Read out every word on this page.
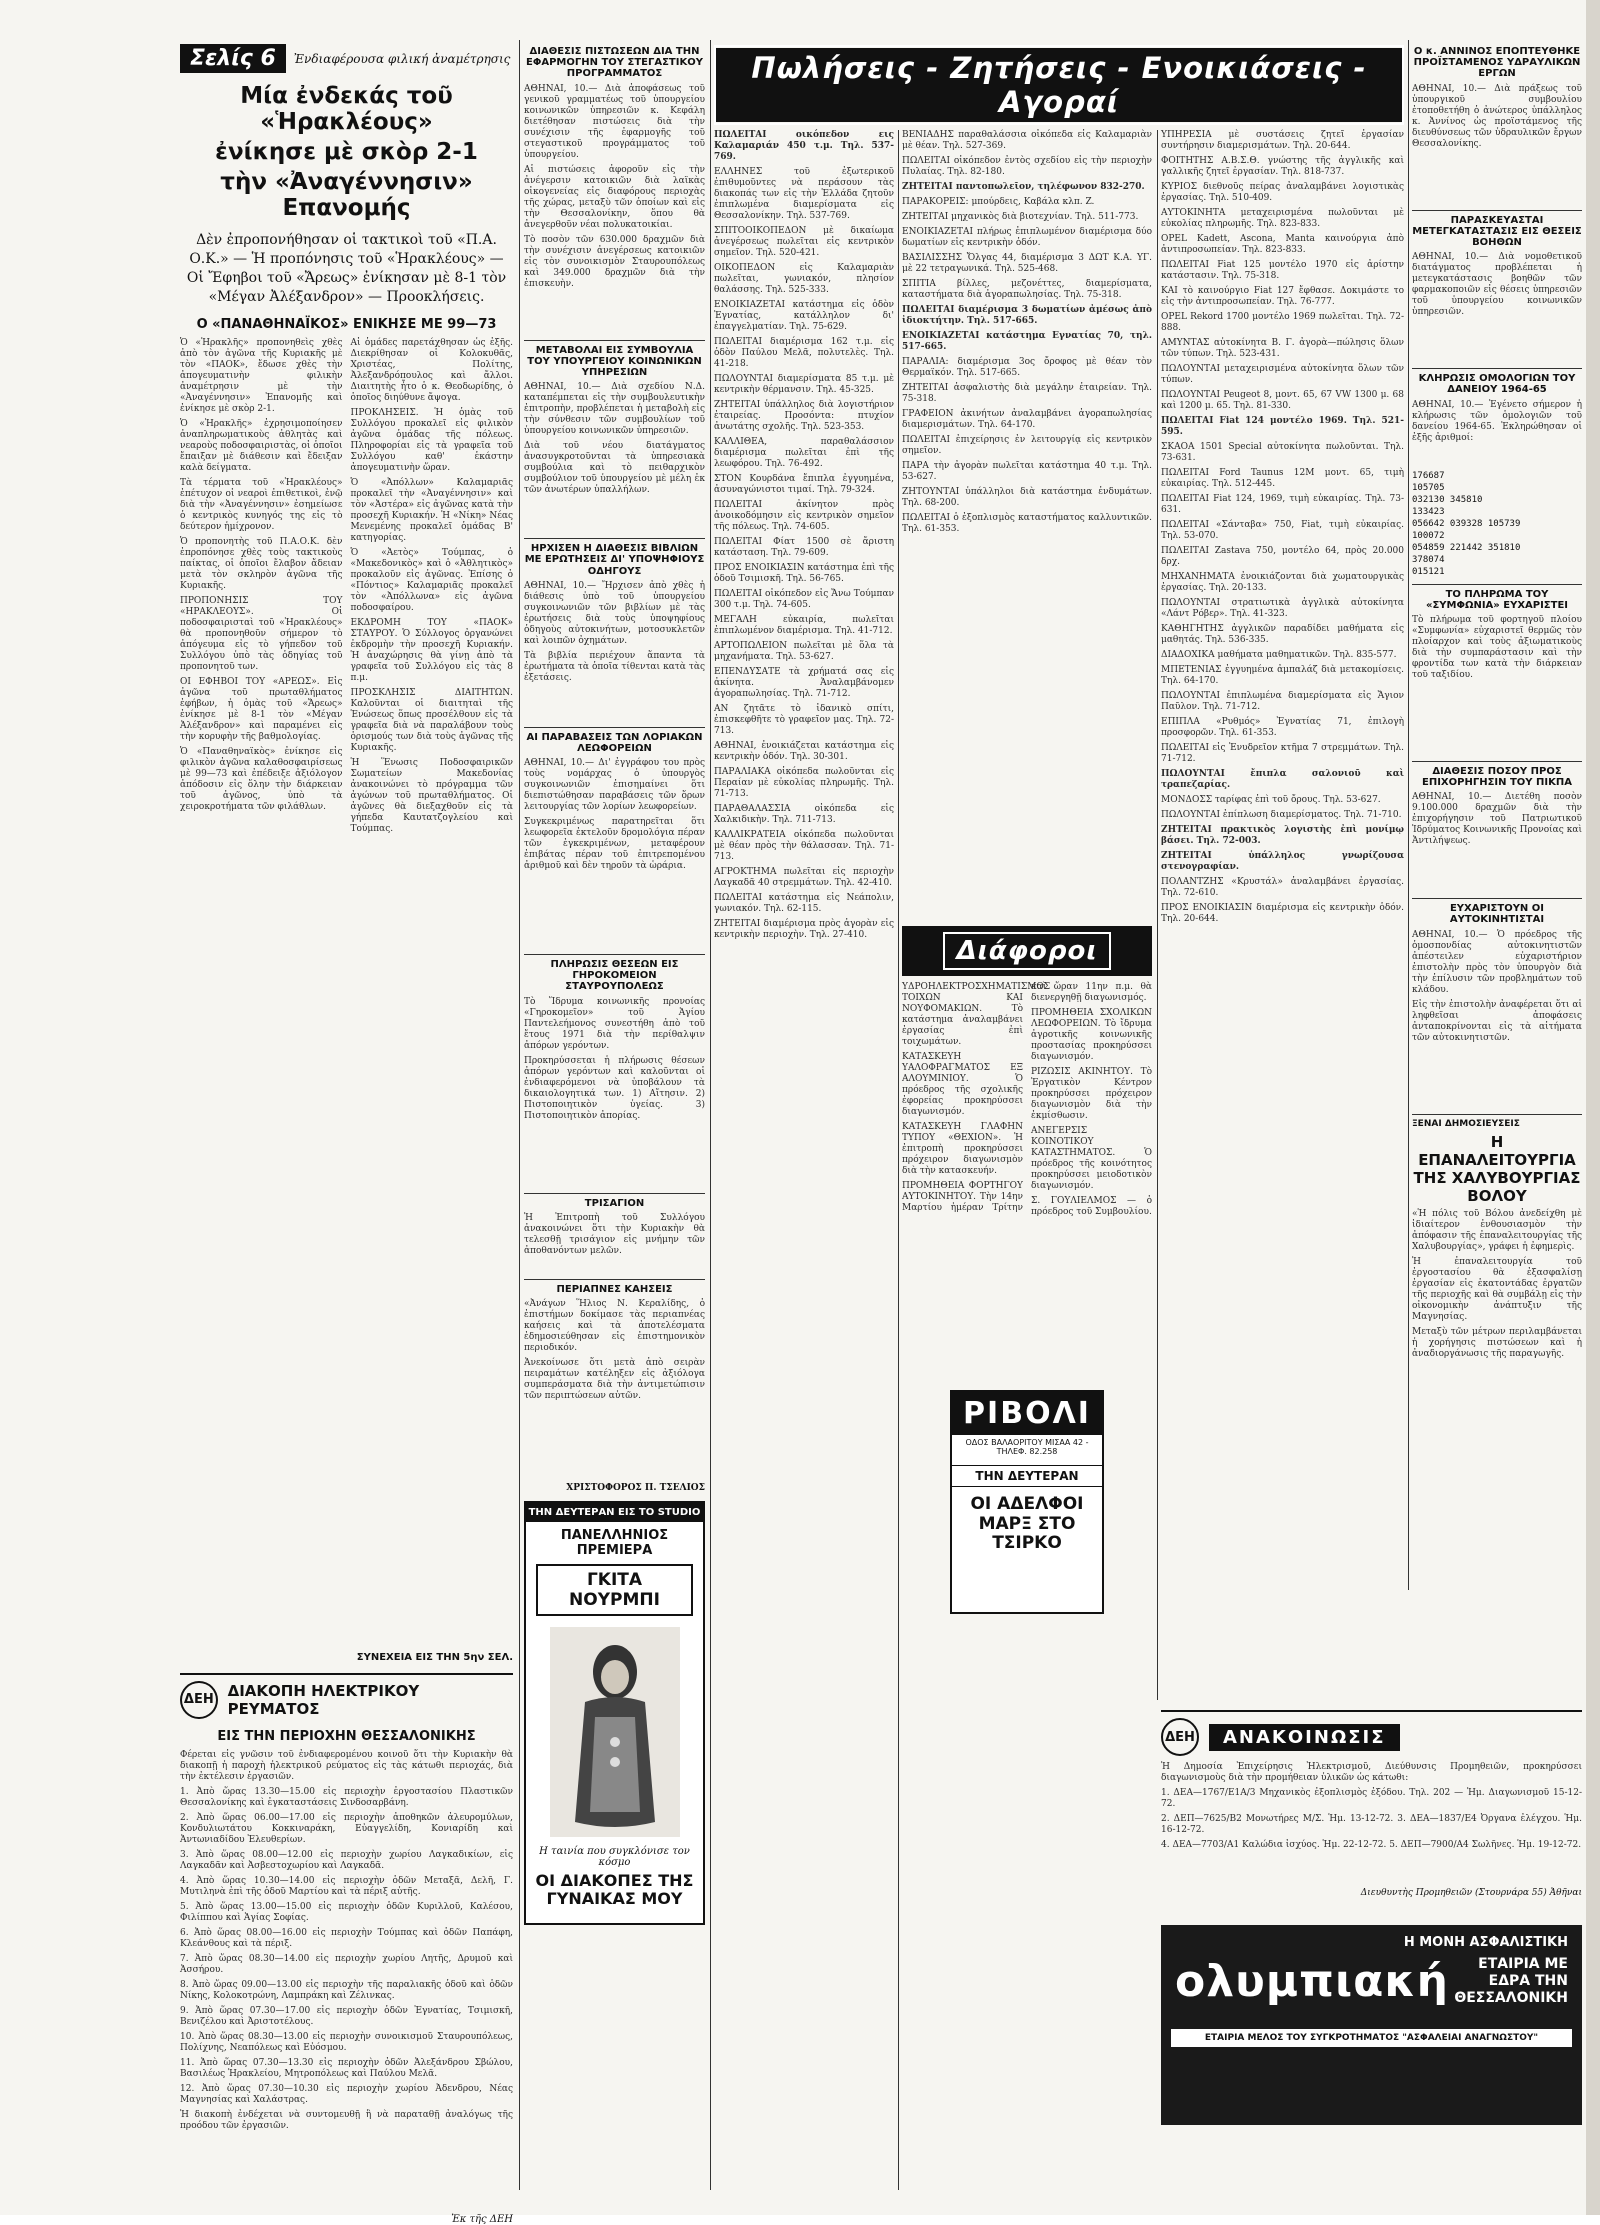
Σελίς 6	Ἐνδιαφέρουσα φιλική ἀναμέτρησις
Μία ἐνδεκάς τοῦ «Ἡρακλέους»
ἐνίκησε μὲ σκὸρ 2-1
τὴν «Ἀναγέννησιν» Επανομής
Δὲν ἐπροπονήθησαν οἱ τακτικοὶ τοῦ «Π.Α. Ο.Κ.» — Ἡ προπόνησις τοῦ «Ἡρακλέους» — Οἱ Ἔφηβοι τοῦ «Ἄρεως» ἐνίκησαν μὲ 8-1 τὸν «Μέγαν Ἀλέξανδρον» — Προοκλήσεις.
Ο «ΠΑΝΑΘΗΝΑΪΚΟΣ» ΕΝΙΚΗΣΕ ΜΕ 99—73

Ὁ «Ἡρακλῆς» προπονηθεὶς χθὲς ἀπὸ τὸν ἀγῶνα τῆς Κυριακῆς μὲ τὸν «ΠΑΟΚ», ἔδωσε χθὲς τὴν ἀπογευματινὴν φιλικὴν ἀναμέτρησιν μὲ τὴν «Ἀναγέννησιν» Ἐπανομῆς καὶ ἐνίκησε μὲ σκὸρ 2-1.

Ὁ «Ἡρακλῆς» ἐχρησιμοποίησεν ἀναπληρωματικοὺς ἀθλητὰς καὶ νεαροὺς ποδοσφαιριστὰς, οἱ ὁποῖοι ἔπαιξαν μὲ διάθεσιν καὶ ἔδειξαν καλὰ δείγματα.

Τὰ τέρματα τοῦ «Ἡρακλέους» ἐπέτυχον οἱ νεαροὶ ἐπιθετικοὶ, ἐνῷ διὰ τὴν «Ἀναγέννησιν» ἐσημείωσε ὁ κεντρικὸς κυνηγός της εἰς τὸ δεύτερον ἡμίχρονον.

Ὁ προπονητὴς τοῦ Π.Α.Ο.Κ. δὲν ἐπροπόνησε χθὲς τοὺς τακτικοὺς παίκτας, οἱ ὁποῖοι ἔλαβον ἄδειαν μετὰ τὸν σκληρὸν ἀγῶνα τῆς Κυριακῆς.

ΠΡΟΠΟΝΗΣΙΣ ΤΟΥ «ΗΡΑΚΛΕΟΥΣ». Οἱ ποδοσφαιρισταὶ τοῦ «Ἡρακλέους» θὰ προπονηθοῦν σήμερον τὸ ἀπόγευμα εἰς τὸ γήπεδον τοῦ Συλλόγου ὑπὸ τὰς ὁδηγίας τοῦ προπονητοῦ των.

ΟΙ ΕΦΗΒΟΙ ΤΟΥ «ΑΡΕΩΣ». Εἰς ἀγῶνα τοῦ πρωταθλήματος ἐφήβων, ἡ ὁμὰς τοῦ «Ἄρεως» ἐνίκησε μὲ 8-1 τὸν «Μέγαν Ἀλέξανδρον» καὶ παραμένει εἰς τὴν κορυφὴν τῆς βαθμολογίας.

Ὁ «Παναθηναϊκὸς» ἐνίκησε εἰς φιλικὸν ἀγῶνα καλαθοσφαιρίσεως μὲ 99—73 καὶ ἐπέδειξε ἀξιόλογον ἀπόδοσιν εἰς ὅλην τὴν διάρκειαν τοῦ ἀγῶνος, ὑπὸ τὰ χειροκροτήματα τῶν φιλάθλων.

Αἱ ὁμάδες παρετάχθησαν ὡς ἑξῆς. Διεκρίθησαν οἱ Κολοκυθᾶς, Χριστέας, Πολίτης, Ἀλεξανδρόπουλος καὶ ἄλλοι. Διαιτητὴς ἦτο ὁ κ. Θεοδωρίδης, ὁ ὁποῖος διηύθυνε ἄψογα.

ΠΡΟΚΛΗΣΕΙΣ. Ἡ ὁμὰς τοῦ Συλλόγου προκαλεῖ εἰς φιλικὸν ἀγῶνα ὁμάδας τῆς πόλεως. Πληροφορίαι εἰς τὰ γραφεῖα τοῦ Συλλόγου καθ' ἑκάστην ἀπογευματινὴν ὥραν.

Ὁ «Ἀπόλλων» Καλαμαριᾶς προκαλεῖ τὴν «Ἀναγέννησιν» καὶ τὸν «Ἀστέρα» εἰς ἀγῶνας κατὰ τὴν προσεχῆ Κυριακήν. Ἡ «Νίκη» Νέας Μενεμένης προκαλεῖ ὁμάδας Β' κατηγορίας.

Ὁ «Ἀετὸς» Τούμπας, ὁ «Μακεδονικὸς» καὶ ὁ «Ἀθλητικὸς» προκαλοῦν εἰς ἀγῶνας. Ἐπίσης ὁ «Πόντιος» Καλαμαριᾶς προκαλεῖ τὸν «Ἀπόλλωνα» εἰς ἀγῶνα ποδοσφαίρου.

ΕΚΔΡΟΜΗ ΤΟΥ «ΠΑΟΚ» ΣΤΑΥΡΟΥ. Ὁ Σύλλογος ὀργανώνει ἐκδρομὴν τὴν προσεχῆ Κυριακήν. Ἡ ἀναχώρησις θὰ γίνῃ ἀπὸ τὰ γραφεῖα τοῦ Συλλόγου εἰς τὰς 8 π.μ.

ΠΡΟΣΚΛΗΣΙΣ ΔΙΑΙΤΗΤΩΝ. Καλοῦνται οἱ διαιτηταὶ τῆς Ἑνώσεως ὅπως προσέλθουν εἰς τὰ γραφεῖα διὰ νὰ παραλάβουν τοὺς ὁρισμούς των διὰ τοὺς ἀγῶνας τῆς Κυριακῆς.

Ἡ Ἕνωσις Ποδοσφαιρικῶν Σωματείων Μακεδονίας ἀνακοινώνει τὸ πρόγραμμα τῶν ἀγώνων τοῦ πρωταθλήματος. Οἱ ἀγῶνες θὰ διεξαχθοῦν εἰς τὰ γήπεδα Καυτατζογλείου καὶ Τούμπας.

ΣΥΝΕΧΕΙΑ ΕΙΣ ΤΗΝ 5ην ΣΕΛ.
ΔΕΗ ΔΙΑΚΟΠΗ ΗΛΕΚΤΡΙΚΟΥ ΡΕΥΜΑΤΟΣ
ΕΙΣ ΤΗΝ ΠΕΡΙΟΧΗΝ ΘΕΣΣΑΛΟΝΙΚΗΣ

Φέρεται εἰς γνῶσιν τοῦ ἐνδιαφερομένου κοινοῦ ὅτι τὴν Κυριακὴν θὰ διακοπῇ ἡ παροχὴ ἠλεκτρικοῦ ρεύματος εἰς τὰς κάτωθι περιοχάς, διὰ τὴν ἐκτέλεσιν ἐργασιῶν.

1. Ἀπὸ ὥρας 13.30—15.00 εἰς περιοχὴν ἐργοστασίου Πλαστικῶν Θεσσαλονίκης καὶ ἐγκαταστάσεις Σινδοσαρβάνη.

2. Ἀπὸ ὥρας 06.00—17.00 εἰς περιοχὴν ἀποθηκῶν ἀλευρομύλων, Κονδυλιωτάτου Κοκκιναράκη, Εὐαγγελίδη, Κονιαρίδη καὶ Ἀντωνιαδίδου Ἐλευθερίων.

3. Ἀπὸ ὥρας 08.00—12.00 εἰς περιοχὴν χωρίου Λαγκαδικίων, εἰς Λαγκαδᾶν καὶ Ἀσβεστοχωρίου καὶ Λαγκαδᾶ.

4. Ἀπὸ ὥρας 10.30—14.00 εἰς περιοχὴν ὁδῶν Μεταξᾶ, Δελῆ, Γ. Μυτιληνὰ ἐπὶ τῆς ὁδοῦ Μαρτίου καὶ τὰ πέριξ αὐτῆς.

5. Ἀπὸ ὥρας 13.00—15.00 εἰς περιοχὴν ὁδῶν Κυριλλοῦ, Καλέσου, Φιλίππου καὶ Ἁγίας Σοφίας.

6. Ἀπὸ ὥρας 08.00—16.00 εἰς περιοχὴν Τούμπας καὶ ὁδῶν Παπάφη, Κλεάνθους καὶ τὰ πέριξ.

7. Ἀπὸ ὥρας 08.30—14.00 εἰς περιοχὴν χωρίου Λητῆς, Δρυμοῦ καὶ Ἀσσήρου.

8. Ἀπὸ ὥρας 09.00—13.00 εἰς περιοχὴν τῆς παραλιακῆς ὁδοῦ καὶ ὁδῶν Νίκης, Κολοκοτρώνη, Λαμπράκη καὶ Ζέλινκας.

9. Ἀπὸ ὥρας 07.30—17.00 εἰς περιοχὴν ὁδῶν Ἐγνατίας, Τσιμισκῆ, Βενιζέλου καὶ Ἀριστοτέλους.

10. Ἀπὸ ὥρας 08.30—13.00 εἰς περιοχὴν συνοικισμοῦ Σταυρουπόλεως, Πολίχνης, Νεαπόλεως καὶ Εὐόσμου.

11. Ἀπὸ ὥρας 07.30—13.30 εἰς περιοχὴν ὁδῶν Ἀλεξάνδρου Σβώλου, Βασιλέως Ἡρακλείου, Μητροπόλεως καὶ Παύλου Μελᾶ.

12. Ἀπὸ ὥρας 07.30—10.30 εἰς περιοχὴν χωρίου Ἀδενδρου, Νέας Μαγνησίας καὶ Χαλάστρας.

Ἡ διακοπὴ ἐνδέχεται νὰ συντομευθῇ ἢ νὰ παραταθῇ ἀναλόγως τῆς προόδου τῶν ἐργασιῶν.

Ἐκ τῆς ΔΕΗ
ΔΙΑΘΕΣΙΣ ΠΙΣΤΩΣΕΩΝ ΔΙΑ ΤΗΝ ΕΦΑΡΜΟΓΗΝ ΤΟΥ ΣΤΕΓΑΣΤΙΚΟΥ ΠΡΟΓΡΑΜΜΑΤΟΣ

ΑΘΗΝΑΙ, 10.— Διὰ ἀποφάσεως τοῦ γενικοῦ γραμματέως τοῦ ὑπουργείου κοινωνικῶν ὑπηρεσιῶν κ. Κεφάλη διετέθησαν πιστώσεις διὰ τὴν συνέχισιν τῆς ἐφαρμογῆς τοῦ στεγαστικοῦ προγράμματος τοῦ ὑπουργείου.

Αἱ πιστώσεις ἀφοροῦν εἰς τὴν ἀνέγερσιν κατοικιῶν διὰ λαϊκὰς οἰκογενείας εἰς διαφόρους περιοχὰς τῆς χώρας, μεταξὺ τῶν ὁποίων καὶ εἰς τὴν Θεσσαλονίκην, ὅπου θὰ ἀνεγερθοῦν νέαι πολυκατοικίαι.

Τὸ ποσὸν τῶν 630.000 δραχμῶν διὰ τὴν συνέχισιν ἀνεγέρσεως κατοικιῶν εἰς τὸν συνοικισμὸν Σταυρουπόλεως καὶ 349.000 δραχμῶν διὰ τὴν ἐπισκευὴν.

ΜΕΤΑΒΟΛΑΙ ΕΙΣ ΣΥΜΒΟΥΛΙΑ ΤΟΥ ΥΠΟΥΡΓΕΙΟΥ ΚΟΙΝΩΝΙΚΩΝ ΥΠΗΡΕΣΙΩΝ

ΑΘΗΝΑΙ, 10.— Διὰ σχεδίου Ν.Δ. καταπέμπεται εἰς τὴν συμβουλευτικὴν ἐπιτροπὴν, προβλέπεται ἡ μεταβολὴ εἰς τὴν σύνθεσιν τῶν συμβουλίων τοῦ ὑπουργείου κοινωνικῶν ὑπηρεσιῶν.

Διὰ τοῦ νέου διατάγματος ἀνασυγκροτοῦνται τὰ ὑπηρεσιακὰ συμβούλια καὶ τὸ πειθαρχικὸν συμβούλιον τοῦ ὑπουργείου μὲ μέλη ἐκ τῶν ἀνωτέρων ὑπαλλήλων.

ΗΡΧΙΣΕΝ Η ΔΙΑΘΕΣΙΣ ΒΙΒΛΙΩΝ ΜΕ ΕΡΩΤΗΣΕΙΣ ΔΙ' ΥΠΟΨΗΦΙΟΥΣ ΟΔΗΓΟΥΣ

ΑΘΗΝΑΙ, 10.— Ἤρχισεν ἀπὸ χθὲς ἡ διάθεσις ὑπὸ τοῦ ὑπουργείου συγκοινωνιῶν τῶν βιβλίων μὲ τὰς ἐρωτήσεις διὰ τοὺς ὑποψηφίους ὁδηγοὺς αὐτοκινήτων, μοτοσυκλετῶν καὶ λοιπῶν ὀχημάτων.

Τὰ βιβλία περιέχουν ἅπαντα τὰ ἐρωτήματα τὰ ὁποῖα τίθενται κατὰ τὰς ἐξετάσεις.

ΑΙ ΠΑΡΑΒΑΣΕΙΣ ΤΩΝ ΛΟΡΙΑΚΩΝ ΛΕΩΦΟΡΕΙΩΝ

ΑΘΗΝΑΙ, 10.— Δι' ἐγγράφου του πρὸς τοὺς νομάρχας ὁ ὑπουργὸς συγκοινωνιῶν ἐπισημαίνει ὅτι διεπιστώθησαν παραβάσεις τῶν ὅρων λειτουργίας τῶν λορίων λεωφορείων.

Συγκεκριμένως παρατηρεῖται ὅτι λεωφορεῖα ἐκτελοῦν δρομολόγια πέραν τῶν ἐγκεκριμένων, μεταφέρουν ἐπιβάτας πέραν τοῦ ἐπιτρεπομένου ἀριθμοῦ καὶ δὲν τηροῦν τὰ ὡράρια.

ΠΛΗΡΩΣΙΣ ΘΕΣΕΩΝ ΕΙΣ ΓΗΡΟΚΟΜΕΙΟΝ ΣΤΑΥΡΟΥΠΟΛΕΩΣ

Τὸ Ἵδρυμα κοινωνικῆς προνοίας «Γηροκομεῖον» τοῦ Ἁγίου Παντελεήμονος συνεστήθη ἀπὸ τοῦ ἔτους 1971 διὰ τὴν περίθαλψιν ἀπόρων γερόντων.

Προκηρύσσεται ἡ πλήρωσις θέσεων ἀπόρων γερόντων καὶ καλοῦνται οἱ ἐνδιαφερόμενοι νὰ ὑποβάλουν τὰ δικαιολογητικά των. 1) Αἴτησιν. 2) Πιστοποιητικὸν ὑγείας. 3) Πιστοποιητικὸν ἀπορίας.

ΤΡΙΣΑΓΙΟΝ

Ἡ Ἐπιτροπὴ τοῦ Συλλόγου ἀνακοινώνει ὅτι τὴν Κυριακὴν θὰ τελεσθῇ τρισάγιον εἰς μνήμην τῶν ἀποθανόντων μελῶν.

ΠΕΡΙΑΠΝΕΣ ΚΑΗΣΕΙΣ

«Ἀνάγων Ἥλιος Ν. Κεραλίδης, ὁ ἐπιστήμων δοκίμασε τὰς περιαπνέας καήσεις καὶ τὰ ἀποτελέσματα ἐδημοσιεύθησαν εἰς ἐπιστημονικὸν περιοδικόν.

Ἀνεκοίνωσε ὅτι μετὰ ἀπὸ σειρὰν πειραμάτων κατέληξεν εἰς ἀξιόλογα συμπεράσματα διὰ τὴν ἀντιμετώπισιν τῶν περιπτώσεων αὐτῶν.

ΧΡΙΣΤΟΦΟΡΟΣ Π. ΤΣΕΛΙΟΣ
ΤΗΝ ΔΕΥΤΕΡΑΝ ΕΙΣ ΤΟ STUDIO
ΠΑΝΕΛΛΗΝΙΟΣ ΠΡΕΜΙΕΡΑ
ΓΚΙΤΑ ΝΟΥΡΜΠΙ
Η ταινία που συγκλόνισε τον κόσμο
ΟΙ ΔΙΑΚΟΠΕΣ ΤΗΣ ΓΥΝΑΙΚΑΣ ΜΟΥ
Πωλήσεις - Ζητήσεις - Ενοικιάσεις - Αγοραί

ΠΩΛΕΙΤΑΙ οικόπεδον εις Καλαμαριάν 450 τ.μ. Τηλ. 537-769.

ΕΛΛΗΝΕΣ τοῦ ἐξωτερικοῦ ἐπιθυμοῦντες νὰ περάσουν τὰς διακοπάς των εἰς τὴν Ἑλλάδα ζητοῦν ἐπιπλωμένα διαμερίσματα εἰς Θεσσαλονίκην. Τηλ. 537-769.

ΣΠΙΤΟΟΙΚΟΠΕΔΟΝ μὲ δικαίωμα ἀνεγέρσεως πωλεῖται εἰς κεντρικὸν σημεῖον. Τηλ. 520-421.

ΟΙΚΟΠΕΔΟΝ εἰς Καλαμαριὰν πωλεῖται, γωνιακόν, πλησίον θαλάσσης. Τηλ. 525-333.

ΕΝΟΙΚΙΑΖΕΤΑΙ κατάστημα εἰς ὁδὸν Ἐγνατίας, κατάλληλον δι' ἐπαγγελματίαν. Τηλ. 75-629.

ΠΩΛΕΙΤΑΙ διαμέρισμα 162 τ.μ. εἰς ὁδὸν Παύλου Μελᾶ, πολυτελὲς. Τηλ. 41-218.

ΠΩΛΟΥΝΤΑΙ διαμερίσματα 85 τ.μ. μὲ κεντρικὴν θέρμανσιν. Τηλ. 45-325.

ΖΗΤΕΙΤΑΙ ὑπάλληλος διὰ λογιστήριον ἐταιρείας. Προσόντα: πτυχίον ἀνωτάτης σχολῆς. Τηλ. 523-353.

ΚΑΛΛΙΘΕΑ, παραθαλάσσιον διαμέρισμα πωλεῖται ἐπὶ τῆς λεωφόρου. Τηλ. 76-492.

ΣΤΟΝ Κουρδάνα ἔπιπλα ἐγγυημένα, ἀσυναγώνιστοι τιμαί. Τηλ. 79-324.

ΠΩΛΕΙΤΑΙ ἀκίνητον πρὸς ἀνοικοδόμησιν εἰς κεντρικὸν σημεῖον τῆς πόλεως. Τηλ. 74-605.

ΠΩΛΕΙΤΑΙ Φίατ 1500 σὲ ἄριστη κατάσταση. Τηλ. 79-609.

ΠΡΟΣ ΕΝΟΙΚΙΑΣΙΝ κατάστημα ἐπὶ τῆς ὁδοῦ Τσιμισκῆ. Τηλ. 56-765.

ΠΩΛΕΙΤΑΙ οἰκόπεδον εἰς Ἄνω Τούμπαν 300 τ.μ. Τηλ. 74-605.

ΜΕΓΑΛΗ εὐκαιρία, πωλεῖται ἐπιπλωμένον διαμέρισμα. Τηλ. 41-712.

ΑΡΤΟΠΩΛΕΙΟΝ πωλεῖται μὲ ὅλα τὰ μηχανήματα. Τηλ. 53-627.

ΕΠΕΝΔΥΣΑΤΕ τὰ χρήματά σας εἰς ἀκίνητα. Ἀναλαμβάνομεν ἀγοραπωλησίας. Τηλ. 71-712.

ΑΝ ζητᾶτε τὸ ἰδανικὸ σπίτι, ἐπισκεφθῆτε τὸ γραφεῖον μας. Τηλ. 72-713.

ΑΘΗΝΑΙ, ἐνοικιάζεται κατάστημα εἰς κεντρικὴν ὁδόν. Τηλ. 30-301.

ΠΑΡΑΛΙΑΚΑ οἰκόπεδα πωλοῦνται εἰς Περαίαν μὲ εὐκολίας πληρωμῆς. Τηλ. 71-713.

ΠΑΡΑΘΑΛΑΣΣΙΑ οἰκόπεδα εἰς Χαλκιδικὴν. Τηλ. 711-713.

ΚΑΛΛΙΚΡΑΤΕΙΑ οἰκόπεδα πωλοῦνται μὲ θέαν πρὸς τὴν θάλασσαν. Τηλ. 71-713.

ΑΓΡΟΚΤΗΜΑ πωλεῖται εἰς περιοχὴν Λαγκαδᾶ 40 στρεμμάτων. Τηλ. 42-410.

ΠΩΛΕΙΤΑΙ κατάστημα εἰς Νεάπολιν, γωνιακόν. Τηλ. 62-115.

ΖΗΤΕΙΤΑΙ διαμέρισμα πρὸς ἀγορὰν εἰς κεντρικὴν περιοχὴν. Τηλ. 27-410.

ΒΕΝΙΑΔΗΣ παραθαλάσσια οἰκόπεδα εἰς Καλαμαριὰν μὲ θέαν. Τηλ. 527-369.

ΠΩΛΕΙΤΑΙ οἰκόπεδον ἐντὸς σχεδίου εἰς τὴν περιοχὴν Πυλαίας. Τηλ. 82-180.

ΖΗΤΕΙΤΑΙ παντοπωλεῖον, τηλέφωνον 832-270.

ΠΑΡΑΚΟΡΕΙΣ: μπούρδεις, Καβάλα κλπ. Z.

ΖΗΤΕΙΤΑΙ μηχανικὸς διὰ βιοτεχνίαν. Τηλ. 511-773.

ΕΝΟΙΚΙΑΖΕΤΑΙ πλήρως ἐπιπλωμένον διαμέρισμα δύο δωματίων εἰς κεντρικὴν ὁδόν.

ΒΑΣΙΛΙΣΣΗΣ Ὄλγας 44, διαμέρισμα 3 ΔΩΤ Κ.Α. ΥΓ. μὲ 22 τετραγωνικά. Τηλ. 525-468.

ΣΠΙΤΙΑ βίλλες, μεζονέττες, διαμερίσματα, καταστήματα διὰ ἀγοραπωλησίας. Τηλ. 75-318.

ΠΩΛΕΙΤΑΙ διαμέρισμα 3 δωματίων ἀμέσως ἀπὸ ἰδιοκτήτην. Τηλ. 517-665.

ΕΝΟΙΚΙΑΖΕΤΑΙ κατάστημα Εγνατίας 70, τηλ. 517-665.

ΠΑΡΑΛΙΑ: διαμέρισμα 3ος ὄροφος μὲ θέαν τὸν Θερμαϊκόν. Τηλ. 517-665.

ΖΗΤΕΙΤΑΙ ἀσφαλιστὴς διὰ μεγάλην ἐταιρείαν. Τηλ. 75-318.

ΓΡΑΦΕΙΟΝ ἀκινήτων ἀναλαμβάνει ἀγοραπωλησίας διαμερισμάτων. Τηλ. 64-170.

ΠΩΛΕΙΤΑΙ ἐπιχείρησις ἐν λειτουργίᾳ εἰς κεντρικὸν σημεῖον.

ΠΑΡΑ τὴν ἀγορὰν πωλεῖται κατάστημα 40 τ.μ. Τηλ. 53-627.

ΖΗΤΟΥΝΤΑΙ ὑπάλληλοι διὰ κατάστημα ἐνδυμάτων. Τηλ. 68-200.

ΠΩΛΕΙΤΑΙ ὁ ἐξοπλισμὸς καταστήματος καλλυντικῶν. Τηλ. 61-353.

Διάφοροι

ΥΔΡΟΗΛΕΚΤΡΟΣΧΗΜΑΤΙΣΜΟΣ ΤΟΙΧΩΝ ΚΑΙ ΝΟΥΦΟΜΑΚΙΩΝ. Τὸ κατάστημα ἀναλαμβάνει ἐργασίας ἐπὶ τοιχωμάτων.

ΚΑΤΑΣΚΕΥΗ ΥΑΛΟΦΡΑΓΜΑΤΟΣ ΕΞ ΑΛΟΥΜΙΝΙΟΥ. Ὁ πρόεδρος τῆς σχολικῆς ἐφορείας προκηρύσσει διαγωνισμόν.

ΚΑΤΑΣΚΕΥΗ ΓΛΑΦΗΝ ΤΥΠΟΥ «ΘΕΧΙΟΝ». Ἡ ἐπιτροπὴ προκηρύσσει πρόχειρον διαγωνισμὸν διὰ τὴν κατασκευήν.

ΠΡΟΜΗΘΕΙΑ ΦΟΡΤΗΓΟΥ ΑΥΤΟΚΙΝΗΤΟΥ. Τὴν 14ην Μαρτίου ἡμέραν Τρίτην καὶ ὥραν 11ην π.μ. θὰ διενεργηθῇ διαγωνισμός.

ΠΡΟΜΗΘΕΙΑ ΣΧΟΛΙΚΩΝ ΛΕΩΦΟΡΕΙΩΝ. Τὸ ἴδρυμα ἀγροτικῆς κοινωνικῆς προστασίας προκηρύσσει διαγωνισμόν.

ΡΙΖΩΣΙΣ ΑΚΙΝΗΤΟΥ. Τὸ Ἐργατικὸν Κέντρον προκηρύσσει πρόχειρον διαγωνισμὸν διὰ τὴν ἐκμίσθωσιν.

ΑΝΕΓΕΡΣΙΣ ΚΟΙΝΟΤΙΚΟΥ ΚΑΤΑΣΤΗΜΑΤΟΣ. Ὁ πρόεδρος τῆς κοινότητος προκηρύσσει μειοδοτικὸν διαγωνισμόν.

Σ. ΓΟΥΛΙΕΛΜΟΣ — ὁ πρόεδρος τοῦ Συμβουλίου.

ΡΙΒΟΛΙ
ΟΔΟΣ ΒΑΛΑΟΡΙΤΟΥ ΜΙΣΑΑ 42 - ΤΗΛΕΦ. 82.258
ΤΗΝ ΔΕΥΤΕΡΑΝ
ΟΙ ΑΔΕΛΦΟΙ ΜΑΡΞ ΣΤΟ ΤΣΙΡΚΟ

ΥΠΗΡΕΣΙΑ μὲ συστάσεις ζητεῖ ἐργασίαν συντήρησιν διαμερισμάτων. Τηλ. 20-644.

ΦΟΙΤΗΤΗΣ Α.Β.Σ.Θ. γνώστης τῆς ἀγγλικῆς καὶ γαλλικῆς ζητεῖ ἐργασίαν. Τηλ. 818-737.

ΚΥΡΙΟΣ διεθνοῦς πείρας ἀναλαμβάνει λογιστικὰς ἐργασίας. Τηλ. 510-409.

ΑΥΤΟΚΙΝΗΤΑ μεταχειρισμένα πωλοῦνται μὲ εὐκολίας πληρωμῆς. Τηλ. 823-833.

ΟPEL Kadett, Ascona, Manta καινούργια ἀπὸ ἀντιπροσωπείαν. Τηλ. 823-833.

ΠΩΛΕΙΤΑΙ Fiat 125 μοντέλο 1970 εἰς ἀρίστην κατάστασιν. Τηλ. 75-318.

ΚΑΙ τὸ καινούργιο Fiat 127 ἔφθασε. Δοκιμάστε το εἰς τὴν ἀντιπροσωπείαν. Τηλ. 76-777.

ΟPEL Rekord 1700 μοντέλο 1969 πωλεῖται. Τηλ. 72-888.

ΑΜΥΝΤΑΣ αὐτοκίνητα Β. Γ. ἀγορὰ—πώλησις ὅλων τῶν τύπων. Τηλ. 523-431.

ΠΩΛΟΥΝΤΑΙ μεταχειρισμένα αὐτοκίνητα ὅλων τῶν τύπων.

ΠΩΛΟΥΝΤΑΙ Peugeot 8, μοντ. 65, 67 VW 1300 μ. 68 καὶ 1200 μ. 65. Τηλ. 81-330.

ΠΩΛΕΙΤΑΙ Fiat 124 μοντέλο 1969. Τηλ. 521-595.

ΣΚΑΟΑ 1501 Special αὐτοκίνητα πωλοῦνται. Τηλ. 73-631.

ΠΩΛΕΙΤΑΙ Ford Taunus 12M μοντ. 65, τιμὴ εὐκαιρίας. Τηλ. 512-445.

ΠΩΛΕΙΤΑΙ Fiat 124, 1969, τιμὴ εὐκαιρίας. Τηλ. 73-631.

ΠΩΛΕΙΤΑΙ «Σάνταβα» 750, Fiat, τιμὴ εὐκαιρίας. Τηλ. 53-070.

ΠΩΛΕΙΤΑΙ Zastava 750, μοντέλο 64, πρὸς 20.000 δρχ.

ΜΗΧΑΝΗΜΑΤΑ ἐνοικιάζονται διὰ χωματουργικὰς ἐργασίας. Τηλ. 20-133.

ΠΩΛΟΥΝΤΑΙ στρατιωτικὰ ἀγγλικὰ αὐτοκίνητα «Λάντ Ρόβερ». Τηλ. 41-323.

ΚΑΘΗΓΗΤΗΣ ἀγγλικῶν παραδίδει μαθήματα εἰς μαθητάς. Τηλ. 536-335.

ΔΙΑΔΟΧΙΚΑ μαθήματα μαθηματικῶν. Τηλ. 835-577.

ΜΠΕΤΕΝΙΑΣ ἐγγυημένα ἀμπαλάζ διὰ μετακομίσεις. Τηλ. 64-170.

ΠΩΛΟΥΝΤΑΙ ἐπιπλωμένα διαμερίσματα εἰς Ἄγιον Παῦλον. Τηλ. 71-712.

ΕΠΙΠΛΑ «Ρυθμός» Ἐγνατίας 71, ἐπιλογὴ προσφορῶν. Τηλ. 61-353.

ΠΩΛΕΙΤΑΙ εἰς Ἐνυδρεῖον κτῆμα 7 στρεμμάτων. Τηλ. 71-712.

ΠΩΛΟΥΝΤΑΙ ἔπιπλα σαλονιοῦ καὶ τραπεζαρίας.

ΜΟΝΔΟΣΣ ταρίφας ἐπὶ τοῦ ὄρους. Τηλ. 53-627.

ΠΩΛΟΥΝΤΑΙ ἐπίπλωση διαμερίσματος. Τηλ. 71-710.

ΖΗΤΕΙΤΑΙ πρακτικὸς λογιστὴς ἐπὶ μονίμῳ βάσει. Τηλ. 72-003.

ΖΗΤΕΙΤΑΙ ὑπάλληλος γνωρίζουσα στενογραφίαν.

ΠΟΛΑΝΤΖΗΣ «Κρυστάλ» ἀναλαμβάνει ἐργασίας. Τηλ. 72-610.

ΠΡΟΣ ΕΝΟΙΚΙΑΣΙΝ διαμέρισμα εἰς κεντρικὴν ὁδόν. Τηλ. 20-644.

Ο κ. ΑΝΝΙΝΟΣ ΕΠΟΠΤΕΥΘΗΚΕ ΠΡΟΪΣΤΑΜΕΝΟΣ ΥΔΡΑΥΛΙΚΩΝ ΕΡΓΩΝ

ΑΘΗΝΑΙ, 10.— Διὰ πράξεως τοῦ ὑπουργικοῦ συμβουλίου ἐτοποθετήθη ὁ ἀνώτερος ὑπάλληλος κ. Ἀννίνος ὡς προϊστάμενος τῆς διευθύνσεως τῶν ὑδραυλικῶν ἔργων Θεσσαλονίκης.

ΠΑΡΑΣΚΕΥΑΣΤΑΙ ΜΕΤΕΓΚΑΤΑΣΤΑΣΙΣ ΕΙΣ ΘΕΣΕΙΣ ΒΟΗΘΩΝ

ΑΘΗΝΑΙ, 10.— Διὰ νομοθετικοῦ διατάγματος προβλέπεται ἡ μετεγκατάστασις βοηθῶν τῶν φαρμακοποιῶν εἰς θέσεις ὑπηρεσιῶν τοῦ ὑπουργείου κοινωνικῶν ὑπηρεσιῶν.

ΚΛΗΡΩΣΙΣ ΟΜΟΛΟΓΙΩΝ ΤΟΥ ΔΑΝΕΙΟΥ 1964-65

ΑΘΗΝΑΙ, 10.— Ἐγένετο σήμερον ἡ κλήρωσις τῶν ὁμολογιῶν τοῦ δανείου 1964-65. Ἐκληρώθησαν οἱ ἑξῆς ἀριθμοί:

176687
105705
032130 345810
133423
056642 039328 105739
100072
054859 221442 351810
378074
015121
ΤΟ ΠΛΗΡΩΜΑ ΤΟΥ «ΣΥΜΦΩΝΙΑ» ΕΥΧΑΡΙΣΤΕΙ

Τὸ πλήρωμα τοῦ φορτηγοῦ πλοίου «Συμφωνία» εὐχαριστεῖ θερμῶς τὸν πλοίαρχον καὶ τοὺς ἀξιωματικοὺς διὰ τὴν συμπαράστασιν καὶ τὴν φροντίδα των κατὰ τὴν διάρκειαν τοῦ ταξιδίου.

ΔΙΑΘΕΣΙΣ ΠΟΣΟΥ ΠΡΟΣ ΕΠΙΧΟΡΗΓΗΣΙΝ ΤΟΥ ΠΙΚΠΑ

ΑΘΗΝΑΙ, 10.— Διετέθη ποσὸν 9.100.000 δραχμῶν διὰ τὴν ἐπιχορήγησιν τοῦ Πατριωτικοῦ Ἱδρύματος Κοινωνικῆς Προνοίας καὶ Ἀντιλήψεως.

ΕΥΧΑΡΙΣΤΟΥΝ ΟΙ ΑΥΤΟΚΙΝΗΤΙΣΤΑΙ

ΑΘΗΝΑΙ, 10.— Ὁ πρόεδρος τῆς ὁμοσπονδίας αὐτοκινητιστῶν ἀπέστειλεν εὐχαριστήριον ἐπιστολὴν πρὸς τὸν ὑπουργὸν διὰ τὴν ἐπίλυσιν τῶν προβλημάτων τοῦ κλάδου.

Εἰς τὴν ἐπιστολὴν ἀναφέρεται ὅτι αἱ ληφθεῖσαι ἀποφάσεις ἀνταποκρίνονται εἰς τὰ αἰτήματα τῶν αὐτοκινητιστῶν.

ΞΕΝΑΙ ΔΗΜΟΣΙΕΥΣΕΙΣ
Η ΕΠΑΝΑΛΕΙΤΟΥΡΓΙΑ ΤΗΣ ΧΑΛΥΒΟΥΡΓΙΑΣ ΒΟΛΟΥ

«Ἡ πόλις τοῦ Βόλου ἀνεδείχθη μὲ ἰδιαίτερον ἐνθουσιασμὸν τὴν ἀπόφασιν τῆς ἐπαναλειτουργίας τῆς Χαλυβουργίας», γράφει ἡ ἐφημερὶς.

Ἡ ἐπαναλειτουργία τοῦ ἐργοστασίου θὰ ἐξασφαλίσῃ ἐργασίαν εἰς ἑκατοντάδας ἐργατῶν τῆς περιοχῆς καὶ θὰ συμβάλῃ εἰς τὴν οἰκονομικὴν ἀνάπτυξιν τῆς Μαγνησίας.

Μεταξὺ τῶν μέτρων περιλαμβάνεται ἡ χορήγησις πιστώσεων καὶ ἡ ἀναδιοργάνωσις τῆς παραγωγῆς.

ΔΕΗ	ΑΝΑΚΟΙΝΩΣΙΣ

Ἡ Δημοσία Ἐπιχείρησις Ἠλεκτρισμοῦ, Διεύθυνσις Προμηθειῶν, προκηρύσσει διαγωνισμοὺς διὰ τὴν προμήθειαν ὑλικῶν ὡς κάτωθι:

1. ΔΕΑ—1767/Ε1Α/3 Μηχανικὸς ἐξοπλισμὸς ἐξόδου. Τηλ. 202 — Ἡμ. Διαγωνισμοῦ 15-12-72.

2. ΔΕΠ—7625/Β2 Μονωτήρες Μ/Σ. Ἡμ. 13-12-72. 3. ΔΕΑ—1837/Ε4 Ὀργανα ἐλέγχου. Ἡμ. 16-12-72.

4. ΔΕΑ—7703/Α1 Καλώδια ἰσχύος. Ἡμ. 22-12-72. 5. ΔΕΠ—7900/Α4 Σωλῆνες. Ἡμ. 19-12-72.

Διευθυντὴς Προμηθειῶν (Στουρνάρα 55) Ἀθῆναι
Η ΜΟΝΗ ΑΣΦΑΛΙΣΤΙΚΗ
ολυμπιακή	ΕΤΑΙΡΙΑ ΜΕ ΕΔΡΑ ΤΗΝ ΘΕΣΣΑΛΟΝΙΚΗ
ΕΤΑΙΡΙΑ ΜΕΛΟΣ ΤΟΥ ΣΥΓΚΡΟΤΗΜΑΤΟΣ "ΑΣΦΑΛΕΙΑΙ ΑΝΑΓΝΩΣΤΟΥ"
